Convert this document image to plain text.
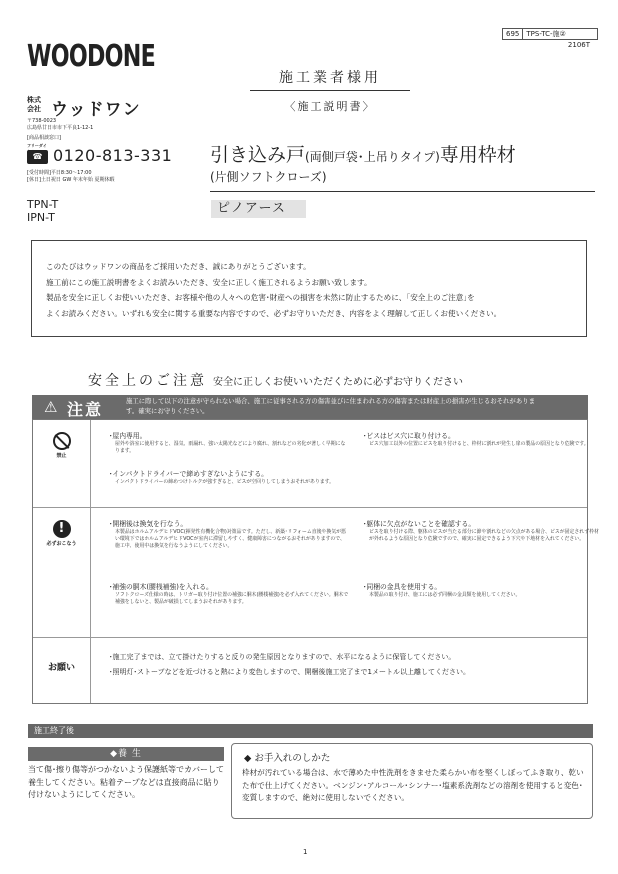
WOODONE
株式 会社 ウッドワン
〒738-0023
広島県廿日市市下平良1-12-1
[商品相談窓口]
フリーダイ
☎ 0120-813-331
[受付時間]平日8:30～17:00
[休日]土日祝日 GW 年末年始 夏期休暇
TPN-T
IPN-T
695	TPS-TC-施②
2106T
施工業者様用
〈施工説明書〉
引き込み戸(両側戸袋･上吊りタイプ)専用枠材
(片側ソフトクローズ)
ピノアース
このたびはウッドワンの商品をご採用いただき、誠にありがとうございます。
施工前にこの施工説明書をよくお読みいただき、安全に正しく施工されるようお願い致します。
製品を安全に正しくお使いいただき、お客様や他の人々への危害･財産への損害を未然に防止するために、｢安全上のご注意｣を
よくお読みください。いずれも安全に関する重要な内容ですので、必ずお守りいただき、内容をよく理解して正しくお使いください。
安全上のご注意 安全に正しくお使いいただくために必ずお守りください
⚠ 注意	施工に際して以下の注意が守られない場合、施工に従事される方の傷害並びに住まわれる方の傷害または財産上の損害が生じるおそれがあります。確実にお守りください。
禁止
･屋内専用。
屋外や浴室に使用すると、湿気、雨漏れ、強い太陽光などにより腐れ、割れなどの劣化が著しく早期になります。
･インパクトドライバーで締めすぎないようにする。
インパクトドライバーの締めつけトルクが強すぎると、ビスが空回りしてしまうおそれがあります。
･ビスはビス穴に取り付ける。
ビス穴加工以外の位置にビスを取り付けると、枠材に割れが発生し扉の製品の原因となり危険です。
!
必ずおこなう
･開梱後は換気を行なう。
本製品はホルムアルデヒドVOC(揮発性有機化合物)対策品です。ただし、新築･リフォーム直後や換気が悪い環境下ではホルムアルデヒドVOCが室内に滞留しやすく、健康障害につながるおそれがありますので、施工中、使用中は換気を行なうようにしてください。
･補強の胴木(腰桟補強)を入れる。
ソフトクローズ仕様の時は、トリガー取り付け位置の補強に胴木(腰桟補強)を必ず入れてください。胴木で補強をしないと、製品が破損してしまうおそれがあります。
･躯体に欠点がないことを確認する。
ビスを取り付ける際、躯体のビスが当たる部分に節や割れなどの欠点がある場合、ビスが固定されず枠材が外れるような原因となり危険ですので、確実に固定できるよう下穴や下地材を入れてください。
･同梱の金具を使用する。
本製品の取り付け、施工には必ず同梱の金具類を使用してください。
お願い
･施工完了までは、立て掛けたりすると反りの発生原因となりますので、水平になるように保管してください。
･照明灯･ストーブなどを近づけると熱により変色しますので、開梱後施工完了まで1メートル以上離してください。
施工終了後
◆養 生
当て傷･擦り傷等がつかないよう保護紙等でカバーして養生してください。粘着テープなどは直接商品に貼り付けないようにしてください。
◆ お手入れのしかた
枠材が汚れている場合は、水で薄めた中性洗剤をきませた柔らかい布を堅くしぼってふき取り、乾いた布で仕上げてください。ベンジン･アルコール･シンナー･塩素系洗剤などの溶剤を使用すると変色･変質しますので、絶対に使用しないでください。
1
